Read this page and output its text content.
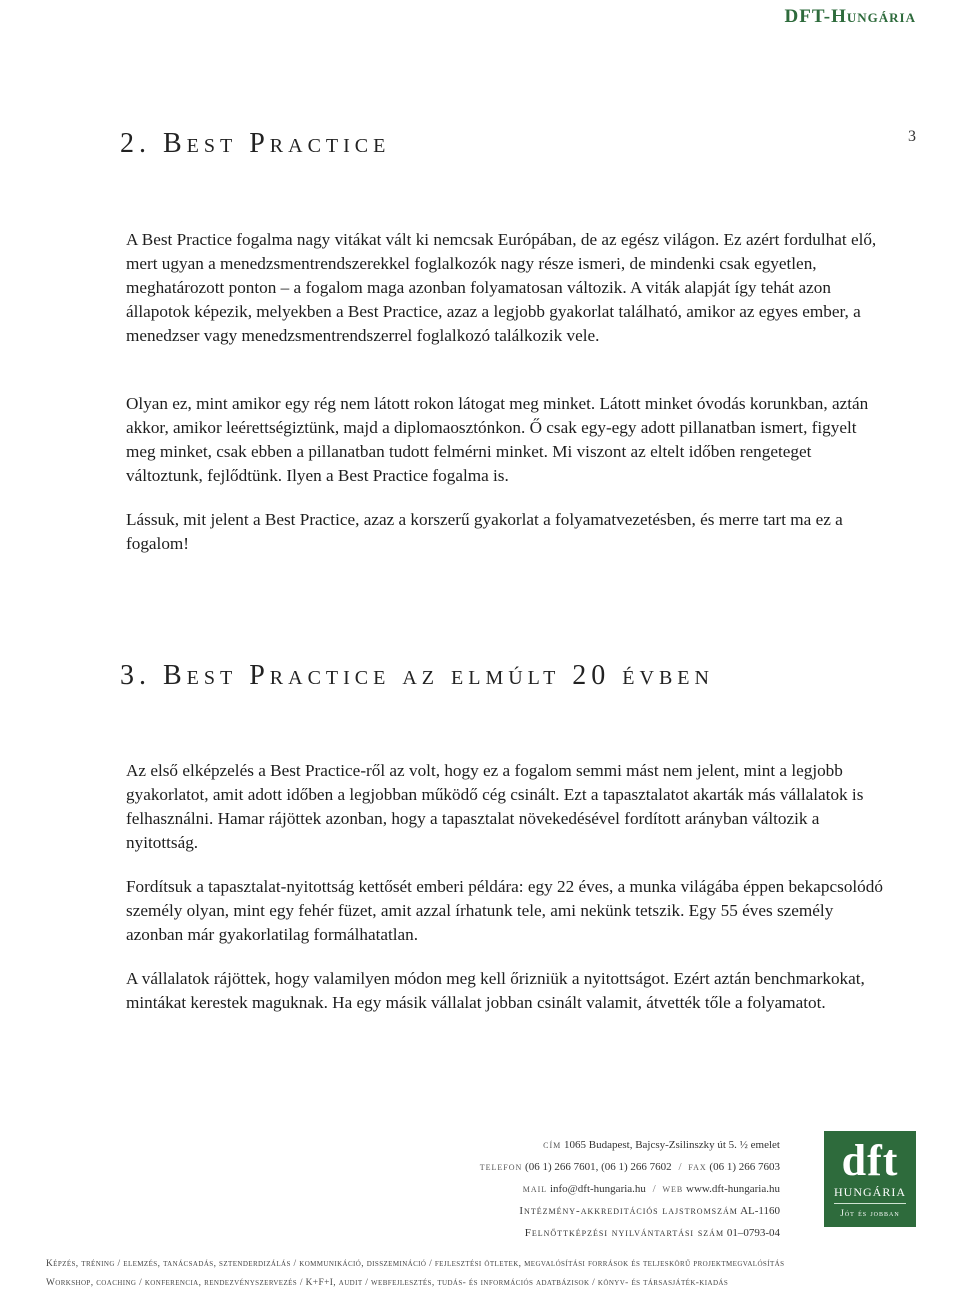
DFT-Hungária
3
2. Best Practice

A Best Practice fogalma nagy vitákat vált ki nemcsak Európában, de az egész világon. Ez azért fordulhat elő, mert ugyan a menedzsmentrendszerekkel foglalkozók nagy része ismeri, de mindenki csak egyetlen, meghatározott ponton – a fogalom maga azonban folyamatosan változik. A viták alapját így tehát azon állapotok képezik, melyekben a Best Practice, azaz a legjobb gyakorlat található, amikor az egyes ember, a menedzser vagy menedzsmentrendszerrel foglalkozó találkozik vele.

Olyan ez, mint amikor egy rég nem látott rokon látogat meg minket. Látott minket óvodás korunkban, aztán akkor, amikor leérettségiztünk, majd a diplomaosztónkon. Ő csak egy-egy adott pillanatban ismert, figyelt meg minket, csak ebben a pillanatban tudott felmérni minket. Mi viszont az eltelt időben rengeteget változtunk, fejlődtünk. Ilyen a Best Practice fogalma is.

Lássuk, mit jelent a Best Practice, azaz a korszerű gyakorlat a folyamatvezetésben, és merre tart ma ez a fogalom!

3. Best Practice az elmúlt 20 évben

Az első elképzelés a Best Practice-ről az volt, hogy ez a fogalom semmi mást nem jelent, mint a legjobb gyakorlatot, amit adott időben a legjobban működő cég csinált. Ezt a tapasztalatot akarták más vállalatok is felhasználni. Hamar rájöttek azonban, hogy a tapasztalat növekedésével fordított arányban változik a nyitottság.

Fordítsuk a tapasztalat-nyitottság kettősét emberi példára: egy 22 éves, a munka világába éppen bekapcsolódó személy olyan, mint egy fehér füzet, amit azzal írhatunk tele, ami nekünk tetszik. Egy 55 éves személy azonban már gyakorlatilag formálhatatlan.

A vállalatok rájöttek, hogy valamilyen módon meg kell őrizniük a nyitottságot. Ezért aztán benchmarkokat, mintákat kerestek maguknak. Ha egy másik vállalat jobban csinált valamit, átvették tőle a folyamatot.

cím 1065 Budapest, Bajcsy-Zsilinszky út 5. ½ emelet
telefon (06 1) 266 7601, (06 1) 266 7602 / fax (06 1) 266 7603
mail info@dft-hungaria.hu / web www.dft-hungaria.hu
Intézmény-akkreditációs lajstromszám AL-1160
Felnőttképzési nyilvántartási szám 01–0793-04
dft
HUNGÁRIA
Jót és jobban

Képzés, tréning / elemzés, tanácsadás, sztenderdizálás / kommunikáció, disszemináció / fejlesztési ötletek, megvalósítási források és teljeskörű projektmegvalósítás

Workshop, coaching / konferencia, rendezvényszervezés / K+F+I, audit / webfejlesztés, tudás- és információs adatbázisok / könyv- és társasjáték-kiadás
